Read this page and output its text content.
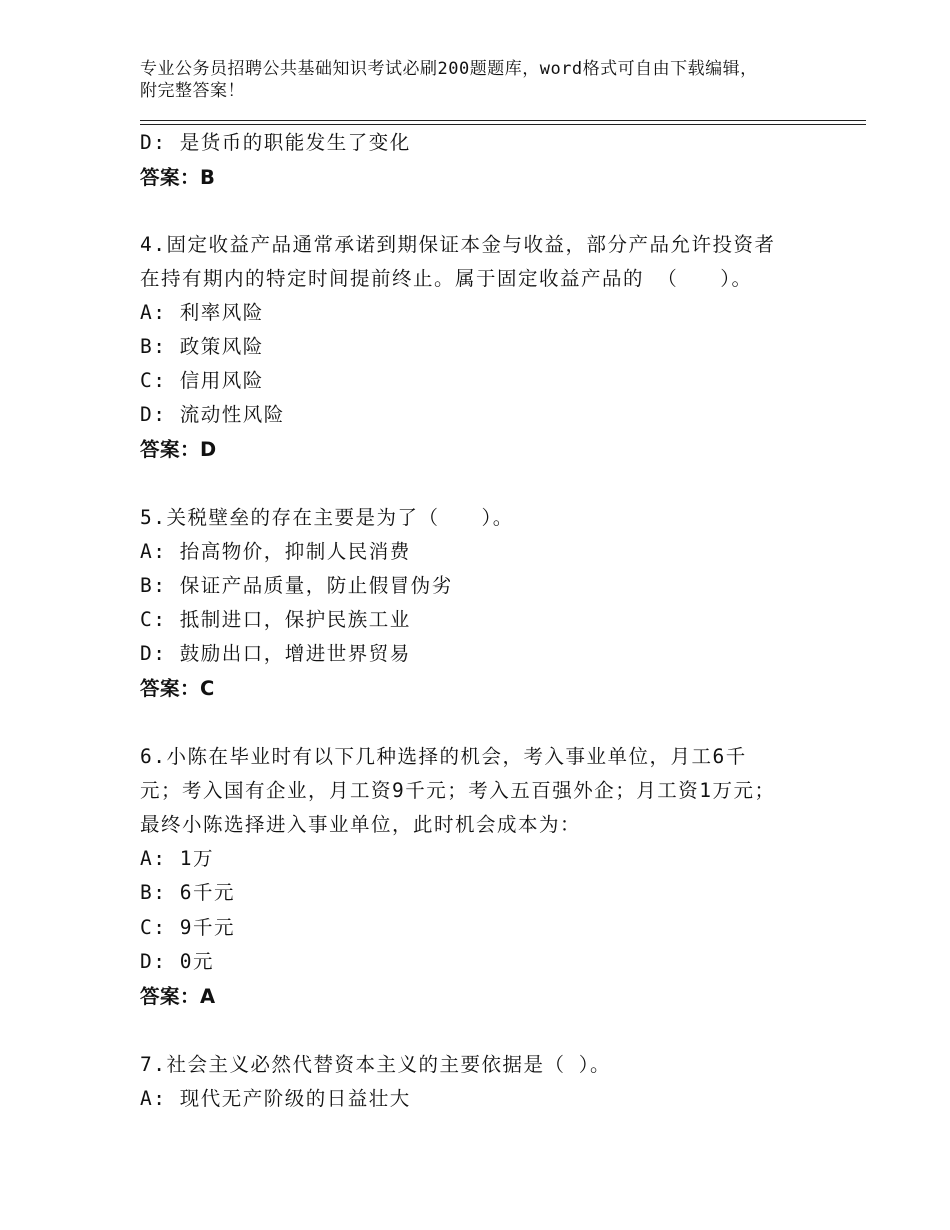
专业公务员招聘公共基础知识考试必刷200题题库，word格式可自由下载编辑，
附完整答案！
D: 是货币的职能发生了变化
答案：B
4.固定收益产品通常承诺到期保证本金与收益，部分产品允许投资者
在持有期内的特定时间提前终止。属于固定收益产品的 （　　）。
A: 利率风险
B: 政策风险
C: 信用风险
D: 流动性风险
答案：D
5.关税壁垒的存在主要是为了（　　）。
A: 抬高物价，抑制人民消费
B: 保证产品质量，防止假冒伪劣
C: 抵制进口，保护民族工业
D: 鼓励出口，增进世界贸易
答案：C
6.小陈在毕业时有以下几种选择的机会，考入事业单位，月工6千
元；考入国有企业，月工资9千元；考入五百强外企；月工资1万元；
最终小陈选择进入事业单位，此时机会成本为：
A: 1万
B: 6千元
C: 9千元
D: 0元
答案：A
7.社会主义必然代替资本主义的主要依据是（ ）。
A: 现代无产阶级的日益壮大
